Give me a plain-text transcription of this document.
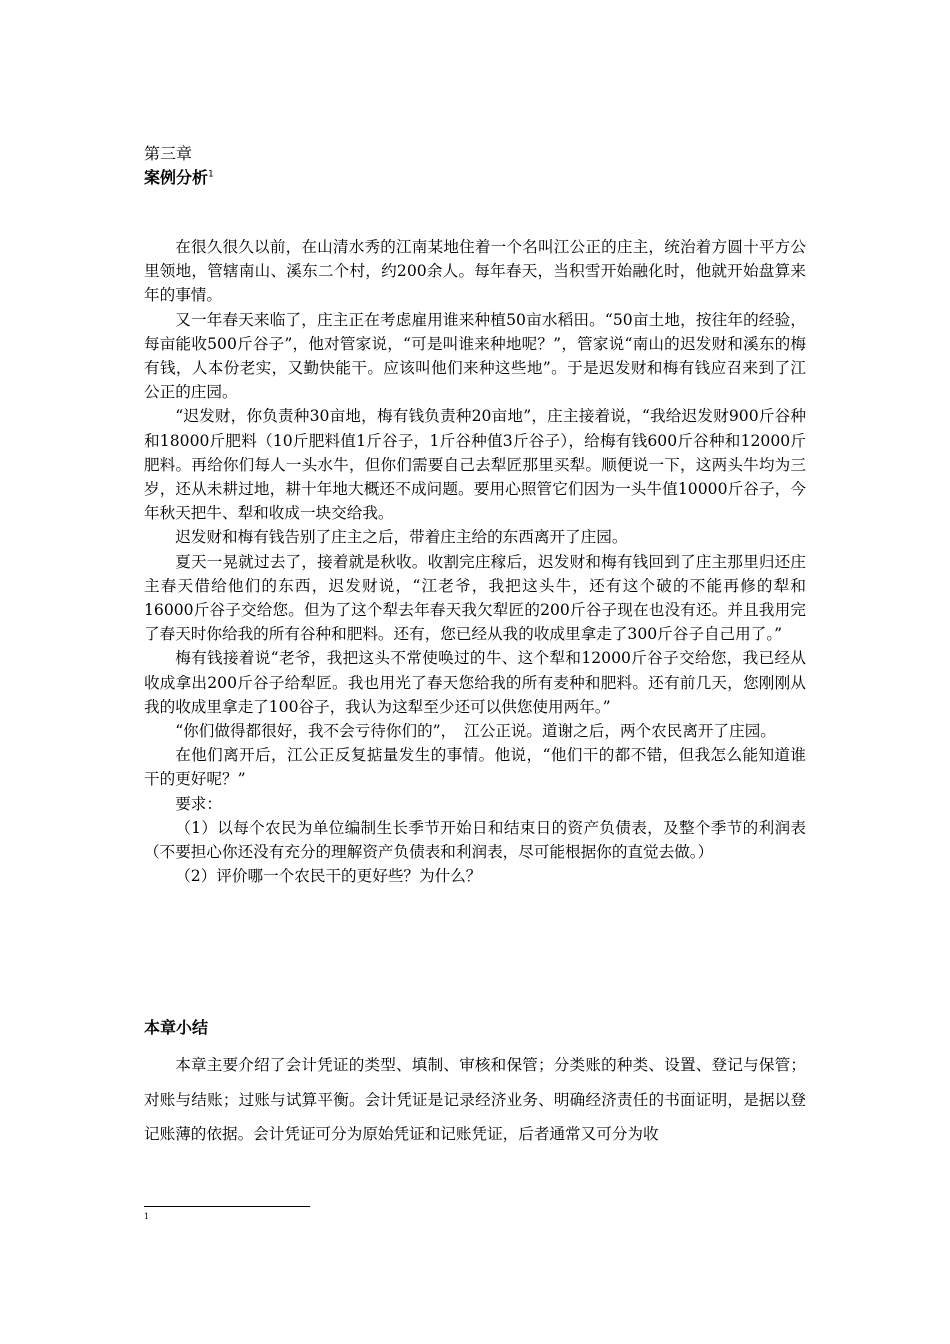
第三章
案例分析$^1$

在很久很久以前，在山清水秀的江南某地住着一个名叫江公正的庄主，统治着方圆十平方公里领地，管辖南山、溪东二个村，约200余人。每年春天，当积雪开始融化时，他就开始盘算来年的事情。

又一年春天来临了，庄主正在考虑雇用谁来种植50亩水稻田。“50亩土地，按往年的经验，每亩能收500斤谷子”，他对管家说，“可是叫谁来种地呢？”，管家说“南山的迟发财和溪东的梅有钱，人本份老实，又勤快能干。应该叫他们来种这些地”。于是迟发财和梅有钱应召来到了江公正的庄园。

“迟发财，你负责种30亩地，梅有钱负责种20亩地”，庄主接着说，“我给迟发财900斤谷种和18000斤肥料（10斤肥料值1斤谷子，1斤谷种值3斤谷子），给梅有钱600斤谷种和12000斤肥料。再给你们每人一头水牛，但你们需要自己去犁匠那里买犁。顺便说一下，这两头牛均为三岁，还从未耕过地，耕十年地大概还不成问题。要用心照管它们因为一头牛值10000斤谷子，今年秋天把牛、犁和收成一块交给我。

迟发财和梅有钱告别了庄主之后，带着庄主给的东西离开了庄园。

夏天一晃就过去了，接着就是秋收。收割完庄稼后，迟发财和梅有钱回到了庄主那里归还庄主春天借给他们的东西，迟发财说，“江老爷，我把这头牛，还有这个破的不能再修的犁和16000斤谷子交给您。但为了这个犁去年春天我欠犁匠的200斤谷子现在也没有还。并且我用完了春天时你给我的所有谷种和肥料。还有，您已经从我的收成里拿走了300斤谷子自己用了。”

梅有钱接着说“老爷，我把这头不常使唤过的牛、这个犁和12000斤谷子交给您，我已经从收成拿出200斤谷子给犁匠。我也用光了春天您给我的所有麦种和肥料。还有前几天，您刚刚从我的收成里拿走了100谷子，我认为这犁至少还可以供您使用两年。”

“你们做得都很好，我不会亏待你们的”，　江公正说。道谢之后，两个农民离开了庄园。

在他们离开后，江公正反复掂量发生的事情。他说，“他们干的都不错，但我怎么能知道谁干的更好呢？”

要求：

（1）以每个农民为单位编制生长季节开始日和结束日的资产负债表，及整个季节的利润表（不要担心你还没有充分的理解资产负债表和利润表，尽可能根据你的直觉去做。）

（2）评价哪一个农民干的更好些？为什么？

本章小结

本章主要介绍了会计凭证的类型、填制、审核和保管；分类账的种类、设置、登记与保管；对账与结账；过账与试算平衡。会计凭证是记录经济业务、明确经济责任的书面证明，是据以登记账薄的依据。会计凭证可分为原始凭证和记账凭证，后者通常又可分为收

1
